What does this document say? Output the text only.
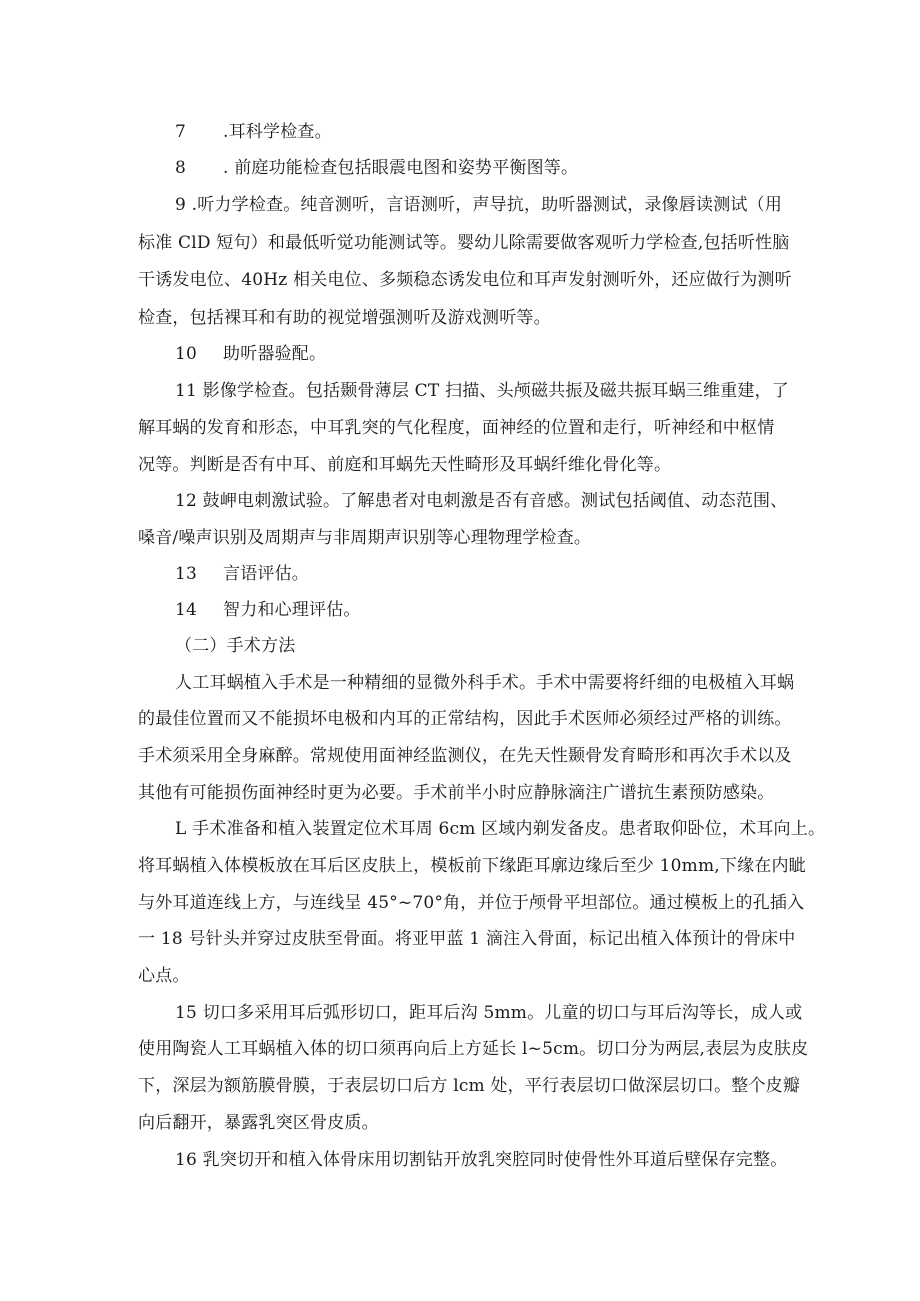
7 .耳科学检查。
8 . 前庭功能检查包括眼震电图和姿势平衡图等。
9 .听力学检查。纯音测听，言语测听，声导抗，助听器测试，录像唇读测试（用
标准 ClD 短句）和最低听觉功能测试等。婴幼儿除需要做客观听力学检查,包括听性脑
干诱发电位、40Hz 相关电位、多频稳态诱发电位和耳声发射测听外，还应做行为测听
检查，包括裸耳和有助的视觉增强测听及游戏测听等。
10 助听器验配。
11 影像学检查。包括颞骨薄层 CT 扫描、头颅磁共振及磁共振耳蜗三维重建，了
解耳蜗的发育和形态，中耳乳突的气化程度，面神经的位置和走行，听神经和中枢情
况等。判断是否有中耳、前庭和耳蜗先天性畸形及耳蜗纤维化骨化等。
12 鼓岬电刺激试验。了解患者对电刺激是否有音感。测试包括阈值、动态范围、
嗓音/噪声识别及周期声与非周期声识别等心理物理学检查。
13 言语评估。
14 智力和心理评估。
（二）手术方法
人工耳蜗植入手术是一种精细的显微外科手术。手术中需要将纤细的电极植入耳蜗
的最佳位置而又不能损坏电极和内耳的正常结构，因此手术医师必须经过严格的训练。
手术须采用全身麻醉。常规使用面神经监测仪，在先天性颞骨发育畸形和再次手术以及
其他有可能损伤面神经时更为必要。手术前半小时应静脉滴注广谱抗生素预防感染。
L 手术准备和植入装置定位术耳周 6cm 区域内剃发备皮。患者取仰卧位，术耳向上。
将耳蜗植入体模板放在耳后区皮肤上，模板前下缘距耳廓边缘后至少 10mm,下缘在内眦
与外耳道连线上方，与连线呈 45°~70°角，并位于颅骨平坦部位。通过模板上的孔插入
一 18 号针头并穿过皮肤至骨面。将亚甲蓝 1 滴注入骨面，标记出植入体预计的骨床中
心点。
15 切口多采用耳后弧形切口，距耳后沟 5mm。儿童的切口与耳后沟等长，成人或
使用陶瓷人工耳蜗植入体的切口须再向后上方延长 l~5cm。切口分为两层,表层为皮肤皮
下，深层为额筋膜骨膜，于表层切口后方 lcm 处，平行表层切口做深层切口。整个皮瓣
向后翻开，暴露乳突区骨皮质。
16 乳突切开和植入体骨床用切割钻开放乳突腔同时使骨性外耳道后壁保存完整。
